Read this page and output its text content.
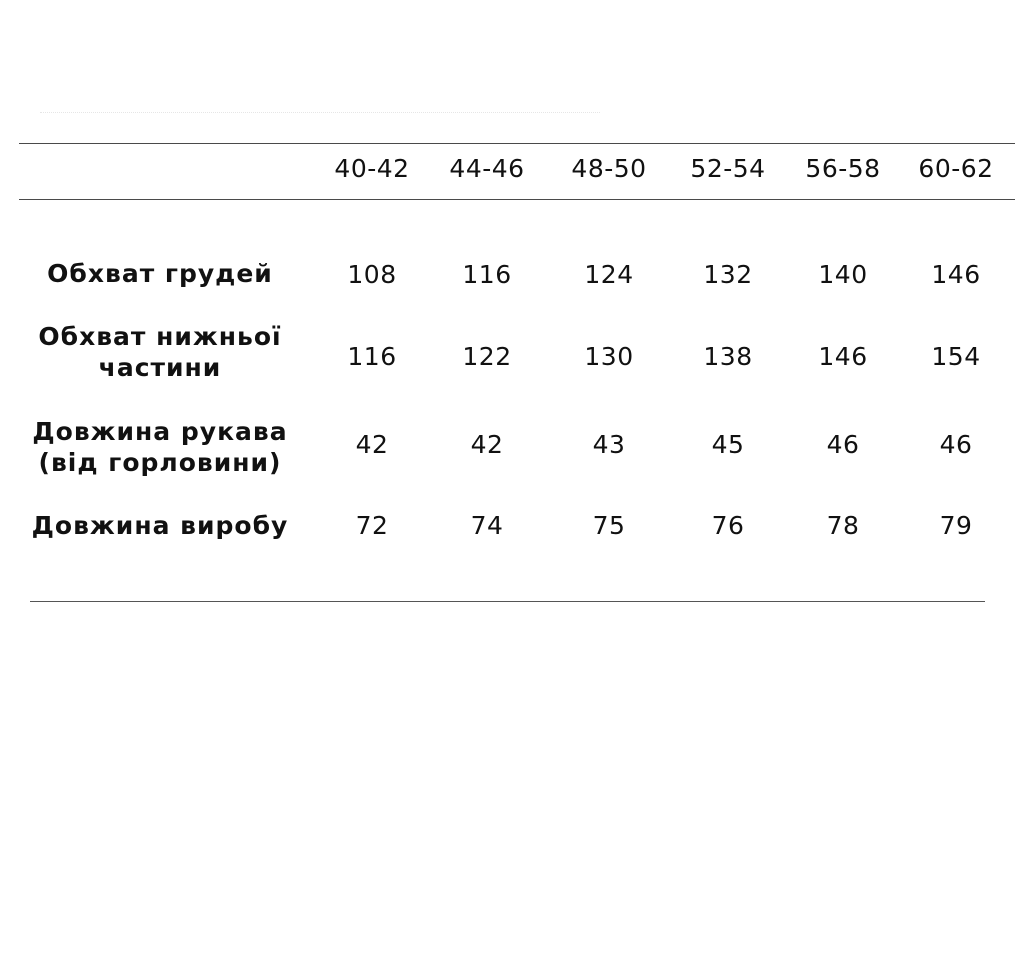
40-42 44-46 48-50 52-54 56-58 60-62
Обхват грудей	108	116	124	132	140	146
Обхват нижньої
частини	116	122	130	138	146	154
Довжина рукава
(від горловини)
42	42	43	45	46	46
Довжина виробу	72	74	75	76	78	79
